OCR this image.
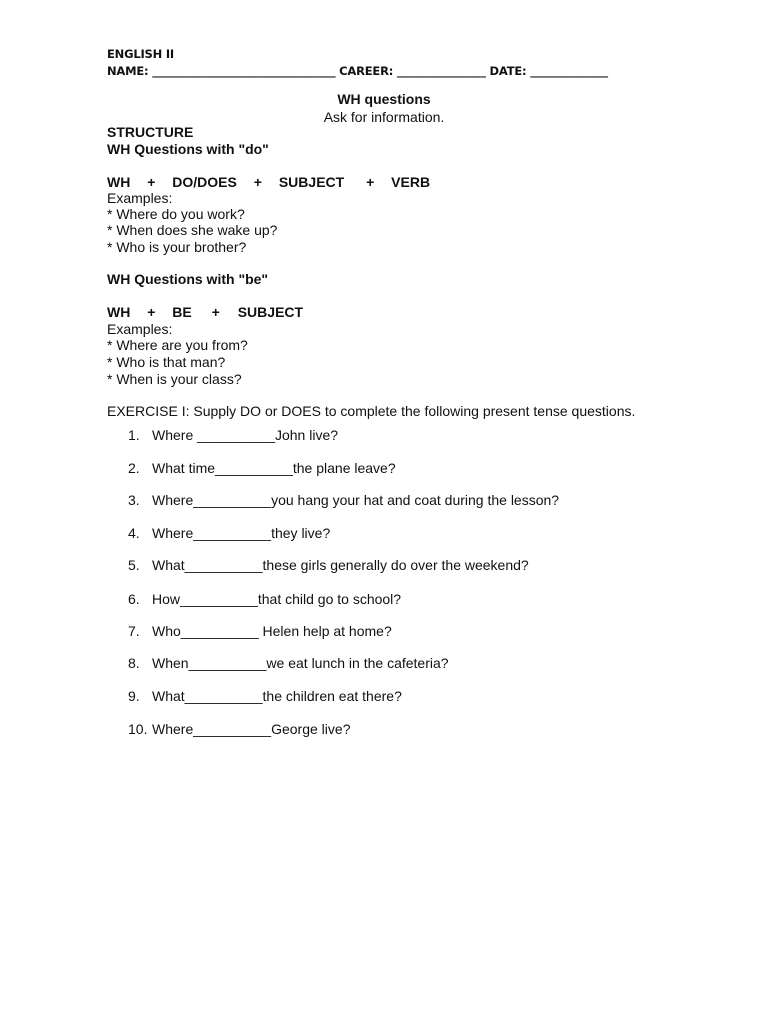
ENGLISH II
NAME: _________________________________ CAREER: ________________ DATE: ______________
WH questions
Ask for information.
STRUCTURE
WH Questions with "do"
WH + DO/DOES + SUBJECT + VERB
Examples:
* Where do you work?
* When does she wake up?
* Who is your brother?
WH Questions with "be"
WH + BE + SUBJECT
Examples:
* Where are you from?
* Who is that man?
* When is your class?
EXERCISE I: Supply DO or DOES to complete the following present tense questions.
1. Where __________John live?
2. What time__________the plane leave?
3. Where__________you hang your hat and coat during the lesson?
4. Where__________they live?
5. What__________these girls generally do over the weekend?
6. How__________that child go to school?
7. Who__________ Helen help at home?
8. When__________we eat lunch in the cafeteria?
9. What__________the children eat there?
10. Where__________George live?
